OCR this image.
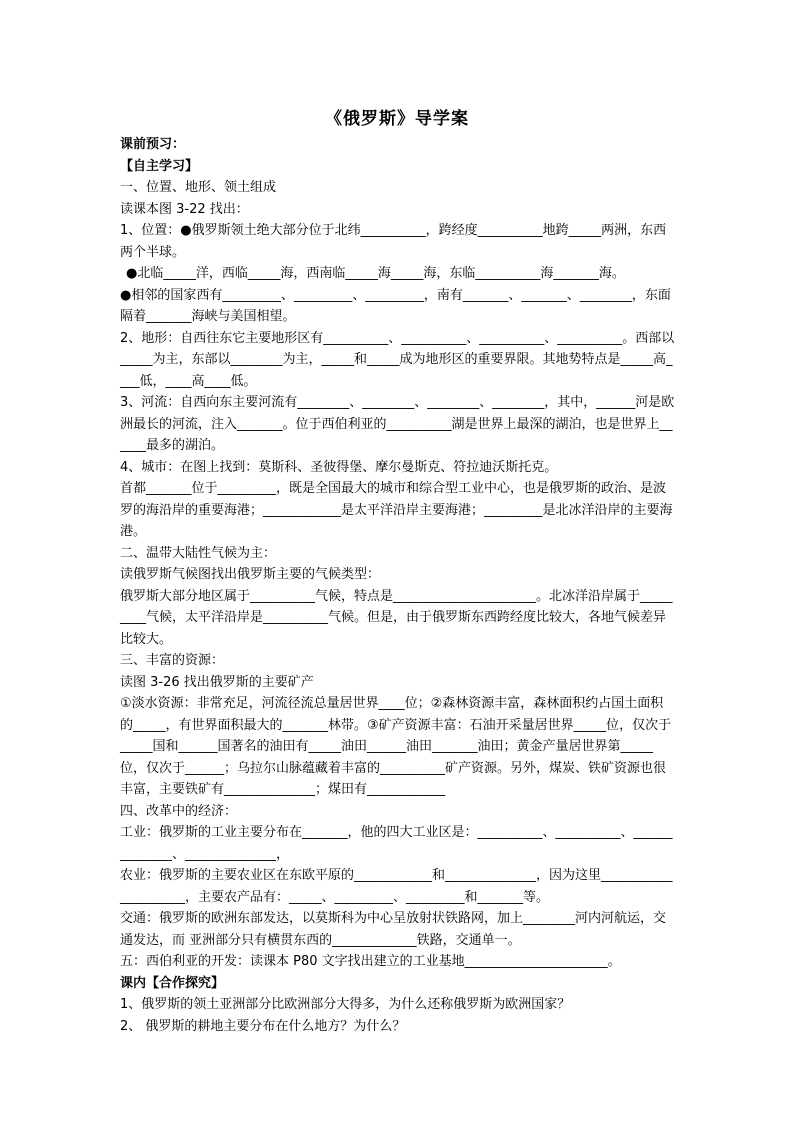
《俄罗斯》导学案

课前预习：

【自主学习】

一、位置、地形、领土组成

读课本图 3-22 找出：

1、位置：●俄罗斯领土绝大部分位于北纬__________，跨经度__________地跨_____两洲，东西两个半球。

●北临_____洋，西临_____海，西南临_____海_____海，东临__________海_______海。

●相邻的国家西有_________、_________、_________，南有_______、_______、________，东面隔着_______海峡与美国相望。

2、地形：自西往东它主要地形区有__________、__________、__________、__________。西部以_____为主，东部以________为主，_____和_____成为地形区的重要界限。其地势特点是_____高____低，____高____低。

3、河流：自西向东主要河流有________、________、________、________，其中，______河是欧洲最长的河流，注入_______。位于西伯利亚的__________湖是世界上最深的湖泊，也是世界上______最多的湖泊。

4、城市：在图上找到：莫斯科、圣彼得堡、摩尔曼斯克、符拉迪沃斯托克。

首都_______位于_________，既是全国最大的城市和综合型工业中心，也是俄罗斯的政治、是波罗的海沿岸的重要海港；____________是太平洋沿岸主要海港；_________是北冰洋沿岸的主要海港。

二、温带大陆性气候为主：

读俄罗斯气候图找出俄罗斯主要的气候类型：

俄罗斯大部分地区属于__________气候，特点是______________________。北冰洋沿岸属于_________气候，太平洋沿岸是__________气候。但是，由于俄罗斯东西跨经度比较大，各地气候差异比较大。

三、丰富的资源：

读图 3-26 找出俄罗斯的主要矿产

①淡水资源：非常充足，河流径流总量居世界____位；②森林资源丰富，森林面积约占国土面积的_____，有世界面积最大的_______林带。③矿产资源丰富：石油开采量居世界_____位，仅次于_____国和______国著名的油田有_____油田______油田_______油田；黄金产量居世界第_____位，仅次于______；乌拉尔山脉蕴藏着丰富的__________矿产资源。另外，煤炭、铁矿资源也很丰富，主要铁矿有______________；煤田有____________

四、改革中的经济：

工业：俄罗斯的工业主要分布在_______，他的四大工业区是：__________、__________、______________、______________，

农业：俄罗斯的主要农业区在东欧平原的____________和______________，因为这里_____________________，主要农产品有：_____、_________、_________和_______等。

交通：俄罗斯的欧洲东部发达，以莫斯科为中心呈放射状铁路网，加上________河内河航运，交通发达，而 亚洲部分只有横贯东西的_____________铁路，交通单一。

五：西伯利亚的开发：读课本 P80 文字找出建立的工业基地______________________。

课内【合作探究】

1、俄罗斯的领土亚洲部分比欧洲部分大得多，为什么还称俄罗斯为欧洲国家？

2、 俄罗斯的耕地主要分布在什么地方？为什么？
